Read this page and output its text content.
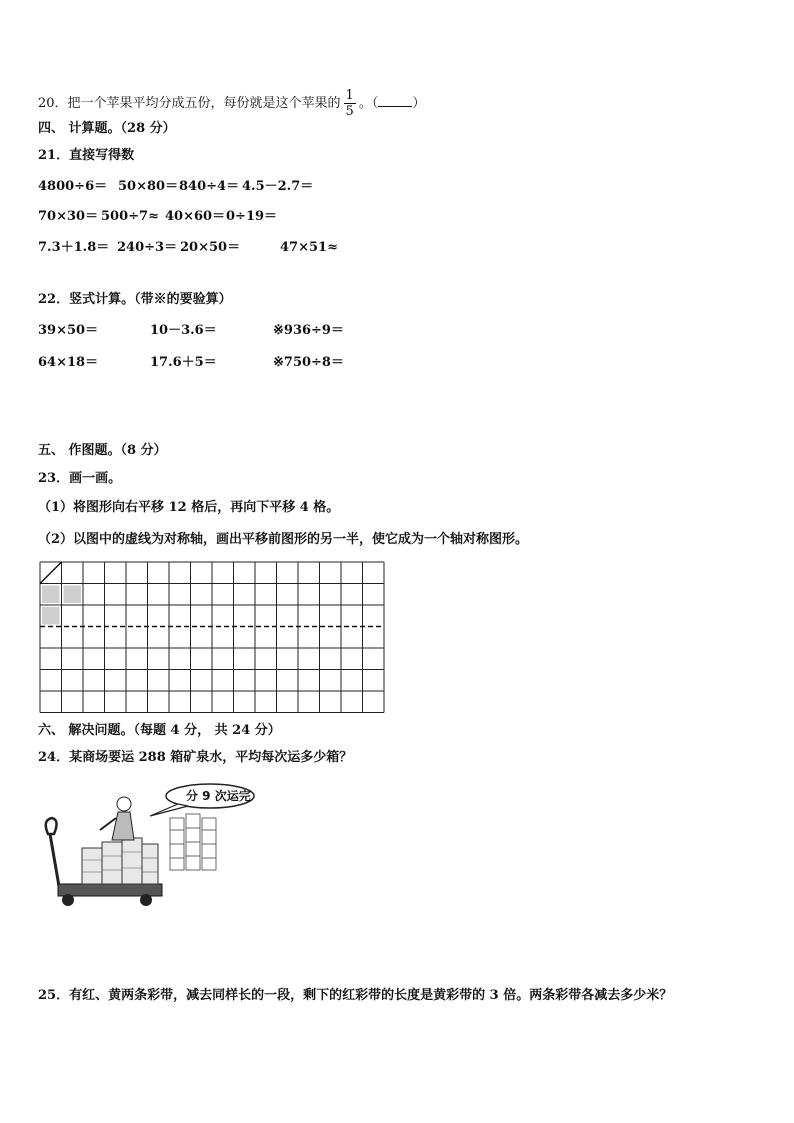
20．把一个苹果平均分成五份，每份就是这个苹果的 $\frac{1}{5}$ 。（	）
四、 计算题。（28 分）
21．直接写得数
4800÷6＝ 50×80＝ 840÷4＝ 4.5－2.7＝
70×30＝ 500÷7≈ 40×60＝ 0÷19＝
7.3＋1.8＝ 240÷3＝ 20×50＝	47×51≈
22．竖式计算。（带※的要验算）
39×50＝	10－3.6＝	※936÷9＝
64×18＝	17.6＋5＝	※750÷8＝
五、 作图题。（8 分）
23．画一画。
（1）将图形向右平移 12 格后，再向下平移 4 格。
（2）以图中的虚线为对称轴，画出平移前图形的另一半，使它成为一个轴对称图形。
六、 解决问题。（每题 4 分， 共 24 分）
24．某商场要运 288 箱矿泉水，平均每次运多少箱？
分 9 次运完
25．有红、黄两条彩带，减去同样长的一段，剩下的红彩带的长度是黄彩带的 3 倍。两条彩带各减去多少米？
